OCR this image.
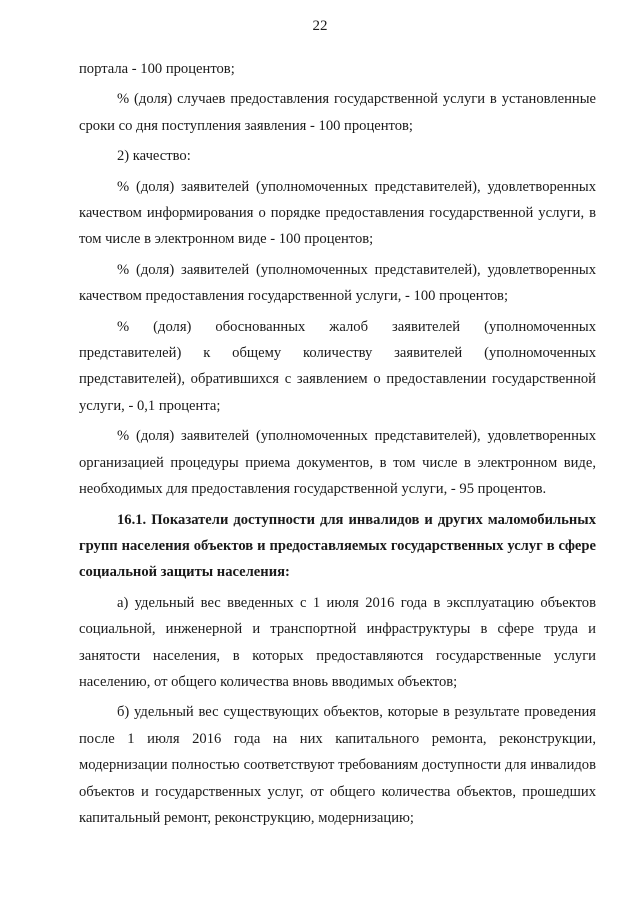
22

портала - 100 процентов;

% (доля) случаев предоставления государственной услуги в установленные сроки со дня поступления заявления - 100 процентов;

2) качество:

% (доля) заявителей (уполномоченных представителей), удовлетворенных качеством информирования о порядке предоставления государственной услуги, в том числе в электронном виде - 100 процентов;

% (доля) заявителей (уполномоченных представителей), удовлетворенных качеством предоставления государственной услуги, - 100 процентов;

% (доля) обоснованных жалоб заявителей (уполномоченных представителей) к общему количеству заявителей (уполномоченных представителей), обратившихся с заявлением о предоставлении государственной услуги, - 0,1 процента;

% (доля) заявителей (уполномоченных представителей), удовлетворенных организацией процедуры приема документов, в том числе в электронном виде, необходимых для предоставления государственной услуги, - 95 процентов.

16.1. Показатели доступности для инвалидов и других маломобильных групп населения объектов и предоставляемых государственных услуг в сфере социальной защиты населения:

а) удельный вес введенных с 1 июля 2016 года в эксплуатацию объектов социальной, инженерной и транспортной инфраструктуры в сфере труда и занятости населения, в которых предоставляются государственные услуги населению, от общего количества вновь вводимых объектов;

б) удельный вес существующих объектов, которые в результате проведения после 1 июля 2016 года на них капитального ремонта, реконструкции, модернизации полностью соответствуют требованиям доступности для инвалидов объектов и государственных услуг, от общего количества объектов, прошедших капитальный ремонт, реконструкцию, модернизацию;
